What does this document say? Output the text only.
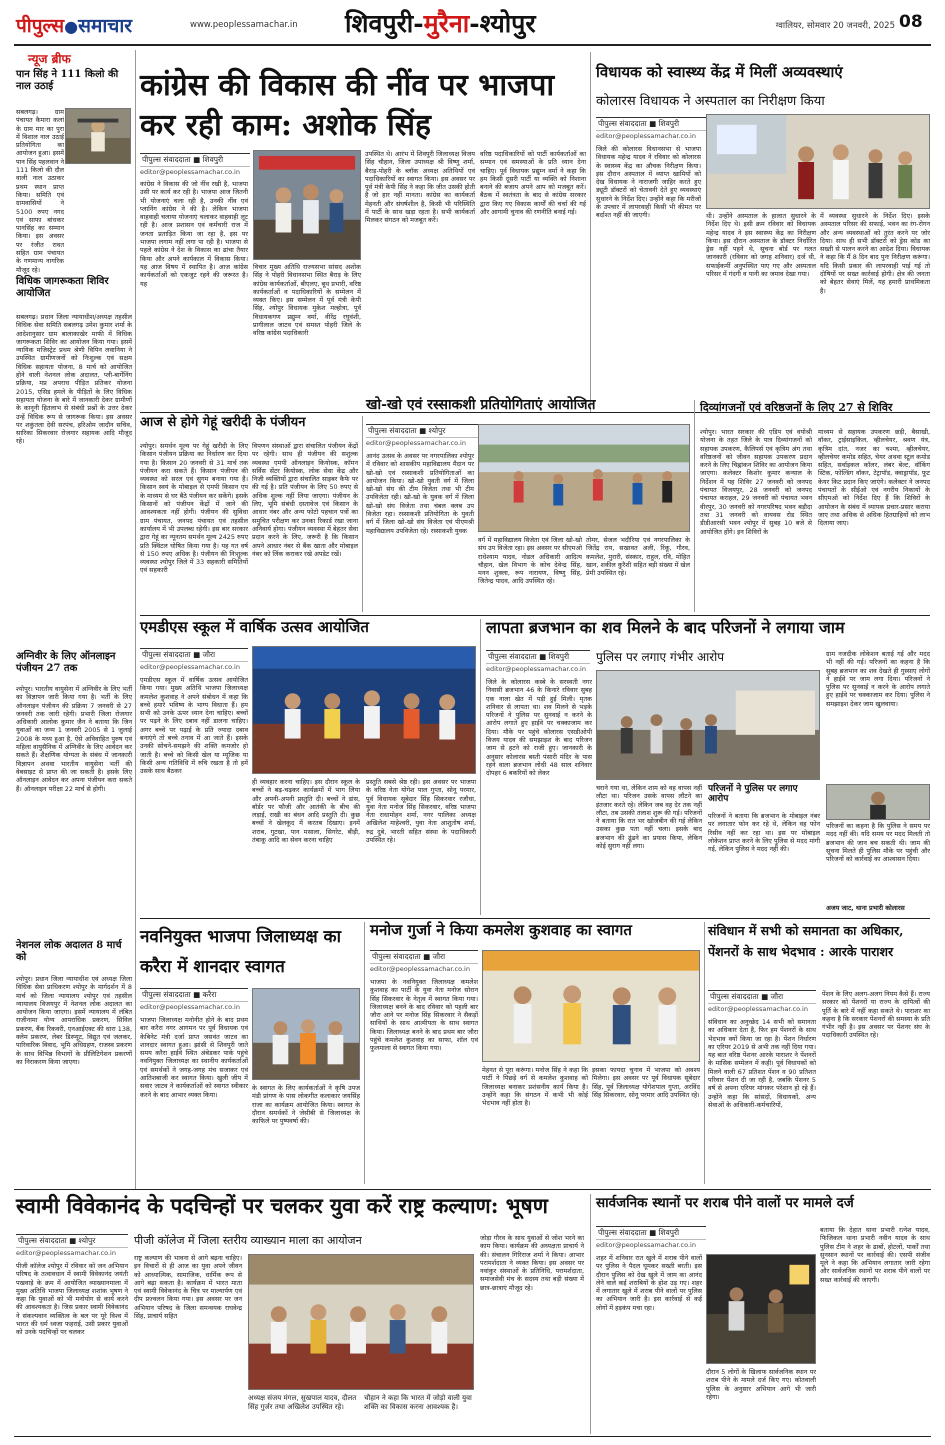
पीपुल्स●समाचार	www.peoplessamachar.in	शिवपुरी-मुरैना-श्योपुर	ग्वालियर, सोमवार 20 जनवरी, 2025 08
न्यूज ब्रीफ
पान सिंह ने 111 किलो की नाल उठाई
सबलगढ़। ग्राम पंचायत कैमारा कलां के ग्राम मार का पुरा में विशाल नाल उठाई प्रतियोगिता का आयोजन हुआ। इसमें पान सिंह पहलवान ने 111 किलो की दौल वाली नाल उठाकर प्रथम स्थान प्राप्त किया। समिति एवं ग्रामवासियों ने 5100 रुपए नगद एवं साफा बांधकर पानसिंह का सम्मान किया। इस अवसर पर रंजीत रावत सहित ग्राम पंचायत के गणमान्य नागरिक मौजूद रहे।
विधिक जागरूकता शिविर आयोजित
सबलगढ़। प्रधान जिला न्यायाधीश/अध्यक्ष तहसील विधिक सेवा समिति सबलगढ़ उमेश कुमार शर्मा के आदेशानुसार ग्राम बालाकाखेर माफी में विधिक जागरूकता शिविर का आयोजन किया गया। इसमें न्यायिक मजिस्ट्रेट प्रथम श्रेणी विपिन लवानिया ने उपस्थित ग्रामीणजनों को निःशुल्क एवं सक्षम विधिक सहायता योजना, 8 मार्च को आयोजित होने वाली नेशनल लोक अदालत, प्ली-बार्गेनिंग प्रक्रिया, मप्र अपराध पीड़ित प्रतिकर योजना 2015, एसिड हमले के पीड़ितों के लिए विधिक सहायता योजना के बारे में जानकारी देकर ग्रामीणों के कानूनी हितलाभ से संबंधी प्रश्नों के उत्तर देकर उन्हें विधिक रूप से जागरूक किया। इस अवसर पर शकुंतला देवी सरपंच, हरिओम जादौन सचिव, सारिका सिकरवार रोजगार सहायक आदि मौजूद रहे।
अग्निवीर के लिए ऑनलाइन पंजीयन 27 तक
श्योपुर। भारतीय वायुसेना में अग्निवीर के लिए भर्ती का विज्ञापन जारी किया गया है। भर्ती के लिए ऑनलाइन पंजीयन की प्रक्रिया 7 जनवरी से 27 जनवरी तक जारी रहेगी। प्रभारी जिला रोजगार अधिकारी आलोक कुमार जैन ने बताया कि जिन युवाओं का जन्म 1 जनवरी 2005 से 1 जुलाई 2008 के मध्य हुआ है, ऐसे अविवाहित पुरुष एवं महिला वायुसैनिक में अग्निवीर के लिए आवेदन कर सकते हैं। शैक्षणिक योग्यता के संबंध में जानकारी विज्ञापन अथवा भारतीय वायुसेना भर्ती की वेबसाइट से प्राप्त की जा सकती है। इसके लिए ऑनलाइन आवेदन कर अपना पंजीयन करा सकते हैं। ऑनलाइन परीक्षा 22 मार्च से होगी।
नेशनल लोक अदालत 8 मार्च को
श्योपुर। प्रधान जिला न्यायाधीश एवं अध्यक्ष जिला विधिक सेवा प्राधिकरण श्योपुर के मार्गदर्शन में 8 मार्च को जिला न्यायालय श्योपुर एवं तहसील न्यायालय विजयपुर में नेशनल लोक अदालत का आयोजन किया जाएगा। इसमें न्यायालय में लंबित राजीनामा योग्य आपराधिक प्रकरण, सिविल प्रकरण, बैंक रिकवरी, एनआईएक्ट की धारा 138, क्लेम प्रकरण, लेबर डिस्प्यूट, विद्युत एवं जलकर, पारिवारिक विवाद, भूमि अधिग्रहण, राजस्व प्रकरण के साथ विभिन्न विभागों के प्रीलिटिगेशन प्रकरणों का निराकरण किया जाएगा।
कांग्रेस की विकास की नींव पर भाजपा कर रही काम: अशोक सिंह
पीपुल्स संवाददाता ■ शिवपुरी
editor@peoplessamachar.co.in
कांग्रेस ने विकास की जो नींव रखी है, भाजपा उसी पर कार्य कर रही है। भाजपा आज जितनी भी योजनाएं चला रही है, उनकी नींव एवं प्लानिंग कांग्रेस ने की है। लेकिन भाजपा वाहवाही चलाया योजनाएं चलाकर वाहवाही लूट रही है। आज प्रशासन एवं कर्मचारी राज में जनता प्रताड़ित किया जा रहा है, इस पर भाजपा लगाम नहीं लगा पा रही है। भाजपा से पहले कांग्रेस ने देश के विकास का ढांचा तैयार किया और अपने कार्यकाल में विकास किया। यह आज विषय में स्थापित है। आज कांग्रेस कार्यकर्ताओं को एकजुट रहने की जरूरत है। यह
विचार मुख्य अतिथि राज्यसभा सांसद अशोक सिंह ने पोहरी विधानसभा स्थित बैराड़ के लिए कांग्रेस कार्यकर्ताओं, बीएलए, बूथ प्रभारी, वरिष्ठ कार्यकर्ताओं व पदाधिकारियों के सम्मेलन में व्यक्त किए। इस सम्मेलन में पूर्व मंत्री केपी सिंह, श्योपुर विधायक मुकेश मल्होत्रा, पूर्व विधायकगण प्रद्युम्न वर्मा, वीरेंद्र रघुवंशी, प्रागीलाल जाटव एवं समस्त पोहरी जिले के वरिष्ठ कांग्रेस पदाधिकारी
उपस्थित थे। आरंभ में शिवपुरी जिलाध्यक्ष विजय सिंह चौहान, जिला उपाध्यक्ष श्री विष्णु शर्मा, बैराड़-पोहरी के ब्लॉक अध्यक्ष अतिथियों एवं पदाधिकारियों का स्वागत किया। इस अवसर पर पूर्व मंत्री केपी सिंह ने कहा कि जीत उसकी होती है जो हार नहीं मानता। कांग्रेस का कार्यकर्ता मेहनती और संघर्षशील है, किसी भी परिस्थिति में पार्टी के साथ खड़ा रहता है। सभी कार्यकर्ता मिलकर संगठन को मजबूत करें।
वरिष्ठ पदाधिकारियों को पार्टी कार्यकर्ताओं का सम्मान एवं समस्याओं के प्रति ध्यान देना चाहिए। पूर्व विधायक प्रद्युम्न वर्मा ने कहा कि हम किसी दूसरी पार्टी या व्यक्ति को निशाना बनाने की बजाय अपने आप को मजबूत करें। बैठक में स्वतंत्रता के बाद से कांग्रेस सरकार द्वारा किए गए विकास कार्यों की चर्चा की गई और आगामी चुनाव की रणनीति बनाई गई।
विधायक को स्वास्थ्य केंद्र में मिलीं अव्यवस्थाएं
कोलारस विधायक ने अस्पताल का निरीक्षण किया
पीपुल्स संवाददाता ■ शिवपुरी
editor@peoplessamachar.co.in
जिले की कोलारस विधानसभा से भाजपा विधायक महेन्द्र यादव ने रविवार को कोलारस के स्वास्थ्य केंद्र का औचक निरीक्षण किया। इस दौरान अस्पताल में व्याप्त खामियों को देख विधायक ने नाराजगी जाहिर करते हुए ड्यूटी डॉक्टरों को चेतावनी देते हुए व्यवस्थाएं सुधारने के निर्देश दिए। उन्होंने कहा कि मरीजों के उपचार में लापरवाही किसी भी कीमत पर बर्दाश्त नहीं की जाएगी।	थी। उन्होंने अस्पताल के हालात सुधारने के निर्देश दिए थे। इसी क्रम रविवार को विधायक महेन्द्र यादव ने इस स्वास्थ्य केंद्र का निरीक्षण किया। इस दौरान अस्पताल के डॉक्टर निर्धारित ड्रेस नहीं पहने थे, सूचना बोर्ड पर गलत जानकारी (रविवार को जगह शनिवार) दर्ज थी, सफाईकर्मी अनुपस्थित पाए गए और अस्पताल परिसर में गंदगी व पानी का जमाव देखा गया।
में व्यवस्था सुधारने के निर्देश दिए। इसके अस्पताल परिसर की सफाई, भवन का रंग-रोगन और अन्य व्यवस्थाओं को तुरंत करने पर जोर दिया। साथ ही सभी डॉक्टरों को ड्रेस कोड का सख्ती से पालन करने का आदेश दिया। विधायक ने कहा कि मैं 8 दिन बाद पुनः निरीक्षण करूंगा। यदि किसी प्रकार की लापरवाही पाई गई तो दोषियों पर सख्त कार्रवाई होगी। क्षेत्र की जनता को बेहतर सेवाएं मिलें, यह हमारी प्राथमिकता है।
आज से होगे गेहूं खरीदी के पंजीयन
श्योपुर। समर्थन मूल्य पर गेहूं खरीदी के लिए किसान पंजीयन प्रक्रिया का निर्धारण कर दिया गया है। किसान 20 जनवरी से 31 मार्च तक पंजीयन करा सकते हैं। किसान पंजीयन की व्यवस्था को सरल एवं सुगम बनाया गया है। किसान स्वयं के मोबाइल से एमपी किसान एप के माध्यम से घर बैठे पंजीयन कर सकेंगे। इसके किसानों को पंजीयन केंद्रों में जाने की आवश्यकता नहीं होगी। पंजीयन की सुविधा ग्राम पंचायत, जनपद पंचायत एवं तहसील कार्यालय में भी उपलब्ध रहेगी। इस बार सरकार द्वारा गेहूं का न्यूनतम समर्थन मूल्य 2425 रुपए प्रति क्विंटल घोषित किया गया है। यह गत वर्ष से 150 रुपए अधिक है। पंजीयन की निःशुल्क व्यवस्था श्योपुर जिले में 33 सहकारी समितियों एवं सहकारी
विपणन संस्थाओं द्वारा संचालित पंजीयन केंद्रों पर रहेगी। साथ ही पंजीयन की सशुल्क व्यवस्था एमपी ऑनलाइन कियोस्क, कॉमन सर्विस सेंटर कियोस्क, लोक सेवा केंद्र और निजी व्यक्तियों द्वारा संचालित साइबर कैफे पर की गई है। प्रति पंजीयन के लिए 50 रुपए से अधिक शुल्क नहीं लिया जाएगा। पंजीयन के लिए, भूमि संबंधी दस्तावेज एवं किसान के आधार नंबर और अन्य फोटो पहचान पत्रों का समुचित परीक्षण कर उनका रिकार्ड रखा जाना अनिवार्य होगा। पंजीयन व्यवस्था में बेहतर सेवा प्रदान करने के लिए, जरूरी है कि किसान अपने आधार नंबर से बैंक खाता और मोबाइल नंबर को लिंक कराकर रखे अपडेट रखें।
खो-खो एवं रस्साकशी प्रतियोगिताएं आयोजित
पीपुल्स संवाददाता ■ श्योपुर
editor@peoplessamachar.co.in
आनंद उत्सव के अवसर पर नगरपालिका श्योपुर में रविवार को शासकीय महाविद्यालय मैदान पर खो-खो एवं रस्साकशी प्रतियोगिताओं का आयोजन किया। खो-खो युवती वर्ग में जिला खो-खो संघ की टीम विजेता तथा भी टीम उपविजेता रही। खो-खो के युवक वर्ग में जिला खो-खो संघ विजेता तथा चंबल क्लब उप विजेता रहा। रस्साकशी प्रतियोगिता के युवती वर्ग में जिला खो-खो संघ विजेता एवं पीएमश्री महाविद्यालय उपविजेता रहे। रस्साकशी युवक
वर्ग में महाविद्यालय विजेता एवं जिला खो-खो संघ उप विजेता रहा। इस अवसर पर सीएमओ राधेश्याम यादव, नोडल अधिकारी आदित्य चौहान, खेल विभाग के कोच देवेन्द्र सिंह, मनन शुक्ला, रूप नारायण, विष्णु सिंह, जितेन्द्र यादव, आदि उपस्थित रहे।
तोमर, सेजल भदौरिया एवं नगरपालिका के जितेंद्र राय, सखावत अली, रिंकू, गौरव, कमलेश, मुरारी, संस्कार, राहुल, रवि, मोहित खान, शकील कुरैशी सहित बड़ी संख्या में खेल प्रेमी उपस्थित रहे।
दिव्यांगजनों एवं वरिष्ठजनों के लिए 27 से शिविर
श्योपुर। भारत सरकार की एडिप एवं वयोश्री योजना के तहत जिले के पात्र दिव्यांगजनों को सहायक उपकरण, कैलिपर्स एवं कृत्रिम अंग तथा वरिष्ठजनों को जीवन सहायक उपकरण प्रदान करने के लिए चिह्नांकन शिविर का आयोजन किया जाएगा। कलेक्टर किशोर कुमार कन्याल के निर्देशन में यह शिविर 27 जनवरी को जनपद पंचायत विजयपुर, 28 जनवरी को जनपद पंचायत कराहल, 29 जनवरी को पंचायत भवन वीरपुर, 30 जनवरी को नगरपरिषद भवन बड़ौदा तथा 31 जनवरी को वायवस रोड स्थित डीडीआरसी भवन श्योपुर में सुबह 10 बजे से आयोजित होंगे। इन शिविरों के
माध्यम से सहायक उपकरण छड़ी, बैसाखी, वॉकर, ट्राईसाइकिल, व्हीलचेयर, श्रवण यंत्र, कृत्रिम दांत, नजर का चश्मा, व्हीलचेयर, व्हीलचेयर कमोड सहित, चेयर अथवा स्टूल कमोड सहित, सर्वाइकल कॉलर, लंबर बेल्ट, वॉकिंग स्टिक, फोल्डिंग वॉकर, टेट्रापॉड, क्वाड्रापॉड, फूट केयर किट प्रदान किए जाएंगे। कलेक्टर ने जनपद पंचायतों के सीईओ एवं नगरीय निकायों के सीएमओ को निर्देश दिए हैं कि शिविरों के आयोजन के संबंध में व्यापक प्रचार-प्रसार कराया जाए तथा अधिक से अधिक हितग्राहियों को लाभ दिलाया जाए।
एमडीएस स्कूल में वार्षिक उत्सव आयोजित
पीपुल्स संवाददाता ■ जौरा
editor@peoplessamachar.co.in
एमडीएस स्कूल में वार्षिक उत्सव आयोजित किया गया। मुख्य अतिथि भाजपा जिलाध्यक्ष कमलेश कुशवाह ने अपने संबोधन में कहा कि बच्चे हमारे भविष्य के भाग्य विधाता हैं। हम सभी को उनके ऊपर ध्यान देना चाहिए। बच्चों पर पढ़ने के लिए दबाव नहीं डालना चाहिए। अगर बच्चे पर पढ़ाई के प्रति ज्यादा दबाव बनाएंगे तो बच्चे तनाव में आ जाते हैं। इसके उनकी सोचने-समझने की शक्ति कमजोर हो जाती है। बच्चे को किसी खेल या म्यूजिक या किसी अन्य गतिविधि में रुचि रखता है तो हमें उसके साथ बैठकर
ही व्यवहार करना चाहिए। इस दौरान स्कूल के बच्चों ने बढ़-चढ़कर कार्यक्रमों में भाग लिया और अपनी-अपनी प्रस्तुति दी। बच्चों ने डांस, बॉर्डर पर फौजी और आतंकी के बीच की लड़ाई, राखी का बंधन आदि प्रस्तुति दी। कुछ बच्चों ने खेलकूद में करतब दिखाए। इनमें शराब, गुटखा, पान मसाला, सिगरेट, बीड़ी, तंबाकू आदि का सेवन करना चाहिए
प्रस्तुति सबसे श्रेष्ठ रही। इस अवसर पर भाजपा के वरिष्ठ नेता योगेश पाल गुप्ता, सोनू परमार, पूर्व विधायक सूबेदार सिंह सिकरवार रजौधा, युवा नेता मनोज सिंह सिकरवार, वरिष्ठ भाजपा नेता राधामोहन शर्मा, नगर पालिका अध्यक्ष अखिलेश माहेश्वरी, युवा नेता आशुतोष शर्मा, रुद्र दुबे, भारती सहित संस्था के पदाधिकारी उपस्थित रहे।
लापता ब्रजभान का शव मिलने के बाद परिजनों ने लगाया जाम
पीपुल्स संवाददाता ■ शिवपुरी
editor@peoplessamachar.co.in
पुलिस पर लगाए गंभीर आरोप
जिले के कोलारस कस्बे के सरस्वती नगर निवासी ब्रजभान 46 के किनारे रविवार सुबह एक नाला खेत में पड़ी हुई मिली। मृतक शनिवार से लापता था। शव मिलने से भड़के परिजनों ने पुलिस पर सुनवाई न करने के आरोप लगाते हुए हाईवे पर चक्काजाम कर दिया। मौके पर पहुंचे कोलारस एसडीओपी विजय यादव की समझाइश के बाद परिजन जाम से हटने को राजी हुए। जानकारी के अनुसार कोलारस बस्ती पंसारी मंदिर के पास रहने वाला ब्रजभान लोधी 48 साल शनिवार दोपहर 6 बकरियों को लेकर
चराने गया था, लेकिन शाम को वह वापस नहीं लौटा था। परिजन उसके वापस लौटने का इंतजार करते रहे। लेकिन जब वह देर तक नहीं लौटा, तब उसकी तलाश शुरू की गई। परिजनों ने बताया कि रात भर खोजबीन की गई लेकिन उसका कुछ पता नहीं चला। इसके बाद ब्रजभान की ढूंढने का प्रयास किया, लेकिन कोई सुराग नहीं लगा।
परिजनों ने पुलिस पर लगाए आरोप
परिजनों ने बताया कि ब्रजभान के मोबाइल नंबर पर लगातार फोन कर रहे थे, लेकिन वह फोन रिसीव नहीं कर रहा था। इस पर मोबाइल लोकेशन प्राप्त करने के लिए पुलिस से मदद मांगी गई, लेकिन पुलिस ने मदद नहीं की।
ग्राम नजदीक लोकेशन बताई गई और मदद भी नहीं की गई। परिजनों का कहना है कि सुबह ब्रजभान का शव देखते ही गुस्साए लोगों ने हाईवे पर जाम लगा दिया। परिजनों ने पुलिस पर सुनवाई न करने के आरोप लगाते हुए हाईवे पर चक्काजाम कर दिया। पुलिस ने समझाइश देकर जाम खुलवाया।
परिजनों का कहना है कि पुलिस ने समय पर मदद नहीं की। यदि समय पर मदद मिलती तो ब्रजभान की जान बच सकती थी। जाम की सूचना मिलते ही पुलिस मौके पर पहुंची और परिजनों को कार्रवाई का आश्वासन दिया।
अजय जाट, थाना प्रभारी कोलारस
नवनियुक्त भाजपा जिलाध्यक्ष का करैरा में शानदार स्वागत
पीपुल्स संवाददाता ■ करैरा
editor@peoplessamachar.co.in
भाजपा जिलाध्यक्ष मनोनीत होने के बाद प्रथम बार करैरा नगर आगमन पर पूर्व विधायक एवं केबिनेट मंत्री दर्जा प्राप्त जसवंत जाटव का शानदार स्वागत हुआ। झांसी से शिवपुरी जाते समय करैरा हाईवे स्थित अंबेडकर पार्क पहुंचे नवनियुक्त जिलाध्यक्ष का स्थानीय कार्यकर्ताओं एवं समर्थकों ने जगह-जगह मंच सजाकर एवं आतिशबाजी कर स्वागत किया। खुली जीप में सवार जाटव ने कार्यकर्ताओं को स्वागत स्वीकार करने के बाद आभार व्यक्त किया।
के स्वागत के लिए कार्यकर्ताओं ने कृषि उपज मंडी प्रांगण के पास लोकगीत कलाकार जयसिंह राजा का कार्यक्रम आयोजित किया। स्वागत के दौरान समर्थकों ने जेसीबी से जिलाध्यक्ष के काफिले पर पुष्पवर्षा की।
मनोज गुर्जा ने किया कमलेश कुशवाह का स्वागत
पीपुल्स संवाददाता ■ जौरा
editor@peoplessamachar.co.in
भाजपा के नवनियुक्त जिलाध्यक्ष कमलेश कुशवाह का पार्टी के युवा नेता मनोज सोरान सिंह सिकरवार के नेतृत्व में स्वागत किया गया। जिलाध्यक्ष बनने के बाद रविवार को पहली बार जौरा आने पर मनोज सिंह सिकरवार ने सैकड़ों साथियों के साथ आत्मीयता के साथ स्वागत किया। जिलाध्यक्ष बनने के बाद प्रथम बार जौरा पहुंचे कमलेश कुशवाह का साफा, शॉल एवं फूलमाला से स्वागत किया गया।
मेहनत से पूरा करूंगा। मनोज सिंह ने कहा कि पार्टी ने पिछड़े वर्ग से कमलेश कुशवाह को जिलाध्यक्ष बनाकर प्रशंसनीय कार्य किया है। उन्होंने कहा कि संगठन में कभी भी कोई भेदभाव नहीं होता है।
इसका फायदा चुनाव में भाजपा को अवश्य मिलेगा। इस अवसर पर पूर्व विधायक सूबेदार सिंह, पूर्व जिलाध्यक्ष योगेशपाल गुप्ता, अरविंद सिंह सिकरवार, सोनू परमार आदि उपस्थित रहे।
संविधान में सभी को समानता का अधिकार, पेंशनरों के साथ भेदभाव : आरके पाराशर
पीपुल्स संवाददाता ■ जौरा
editor@peoplessamachar.co.in
संविधान का अनुच्छेद 14 सभी को समानता का अधिकार देता है, फिर हम पेंशनरों के साथ भेदभाव क्यों किया जा रहा है। पेंशन निर्धारण का एरियर 2019 से अभी तक नहीं दिया गया। यह बात वरिष्ठ पेंशनर आरके पाराशर ने पेंशनरों के मासिक सम्मेलन में कही। पूर्व विधायकों को मिलने वाली 67 प्रतिशत पेंशन व 90 प्रतिशत परिवार पेंशन दी जा रही है, जबकि पेंशनर 5 वर्ष से अपना एरियर मांगकर परेशान हो रहे हैं। उन्होंने कहा कि सांसदों, विधायकों, अन्य सेवाओं के अधिकारी-कर्मचारियों,
पेंशन के लिए अलग-अलग नियम कैसे हैं। राज्य सरकार को पेंशनरों या राज्य के दायित्वों की पूर्ति के बारे में नहीं कहा सकते थे। पाराशर का कहना है कि सरकार पेंशनरों की समस्या के प्रति गंभीर नहीं है। इस अवसर पर पेंशनर संघ के पदाधिकारी उपस्थित रहे।
स्वामी विवेकानंद के पदचिन्हों पर चलकर युवा करें राष्ट्र कल्याण: भूषण
पीपुल्स संवाददाता ■ श्योपुर
editor@peoplessamachar.co.in
पीजी कॉलेज में जिला स्तरीय व्याख्यान माला का आयोजन
पीजी कॉलेज श्योपुर में रविवार को जन अभियान परिषद के तत्वावधान में स्वामी विवेकानंद जयंती पखवाड़े के क्रम में आयोजित व्याख्यानमाला में मुख्य अतिथि भाजपा जिलाध्यक्ष शशांक भूषण ने कहा कि युवाओं को भी मनोयोग से कार्य करने की आवश्यकता है। जिस प्रकार स्वामी विवेकानंद ने संकल्पवान व्यक्तित्व के बल पर पूरे विश्व में भारत की धर्म ध्वजा फहराई, उसी प्रकार युवाओं को उनके पदचिन्हों पर चलकर
राष्ट्र कल्याण की भावना से आगे बढ़ना चाहिए। इन विचारों से ही आज का युवा अपने जीवन को आध्यात्मिक, सामाजिक, धार्मिक रूप से आगे बढ़ा सकता है। कार्यक्रम में भारत माता एवं स्वामी विवेकानंद के चित्र पर माल्यार्पण एवं दीप प्रज्वलन किया गया। इस अवसर पर जन अभियान परिषद के जिला समन्वयक राघवेन्द्र सिंह, प्राचार्य सहित
अध्यक्ष संजय मंगल, सुखपाल यादव, दौलत सिंह गुर्जर तथा अखिलेश उपस्थित रहे।
चौहान ने कहा कि भारत में जोड़ो वाली युवा शक्ति का विकास करना आवश्यक है।
जोड़ा गौरव के साथ युवाओं से जोश भरने का काम किया। कार्यक्रम की अध्यक्षता प्राचार्य ने की। संचालन गिरिराज शर्मा ने किया। आभार परामर्शदाता ने व्यक्त किया। इस अवसर पर नवांकुर संस्थाओं के प्रतिनिधि, परामर्शदाता, समाजसेवी मंच के सदस्य तथा बड़ी संख्या में छात्र-छात्राएं मौजूद रहे।
सार्वजनिक स्थानों पर शराब पीने वालों पर मामले दर्ज
पीपुल्स संवाददाता ■ शिवपुरी
editor@peoplessamachar.co.in
शहर में शनिवार रात खुले में शराब पीने वालों पर पुलिस ने पैदल घूमकर सख्ती बरती। इस दौरान पुलिस को देख खुले में जाम का आनंद लेने वाले कई शराबियों के होश उड़ गए। शहर में लगातार खुले में शराब पीने वालों पर पुलिस का अभियान जारी है। इस कार्रवाई से कई लोगों में हड़कंप मचा रहा।
दौरान 5 लोगों के खिलाफ सार्वजनिक स्थान पर शराब पीने के मामले दर्ज किए गए। कोतवाली पुलिस के अनुसार अभियान आगे भी जारी रहेगा।
बताया कि देहात थाना प्रभारी रत्नेश यादव, फिजिकल थाना प्रभारी नवीन यादव के साथ पुलिस टीम ने शहर के ढाबों, होटलों, पार्कों तथा सुनसान स्थानों पर कार्रवाई की। एसपी संजीव मूले ने कहा कि अभियान लगातार जारी रहेगा और सार्वजनिक स्थानों पर शराब पीने वालों पर सख्त कार्रवाई की जाएगी।
